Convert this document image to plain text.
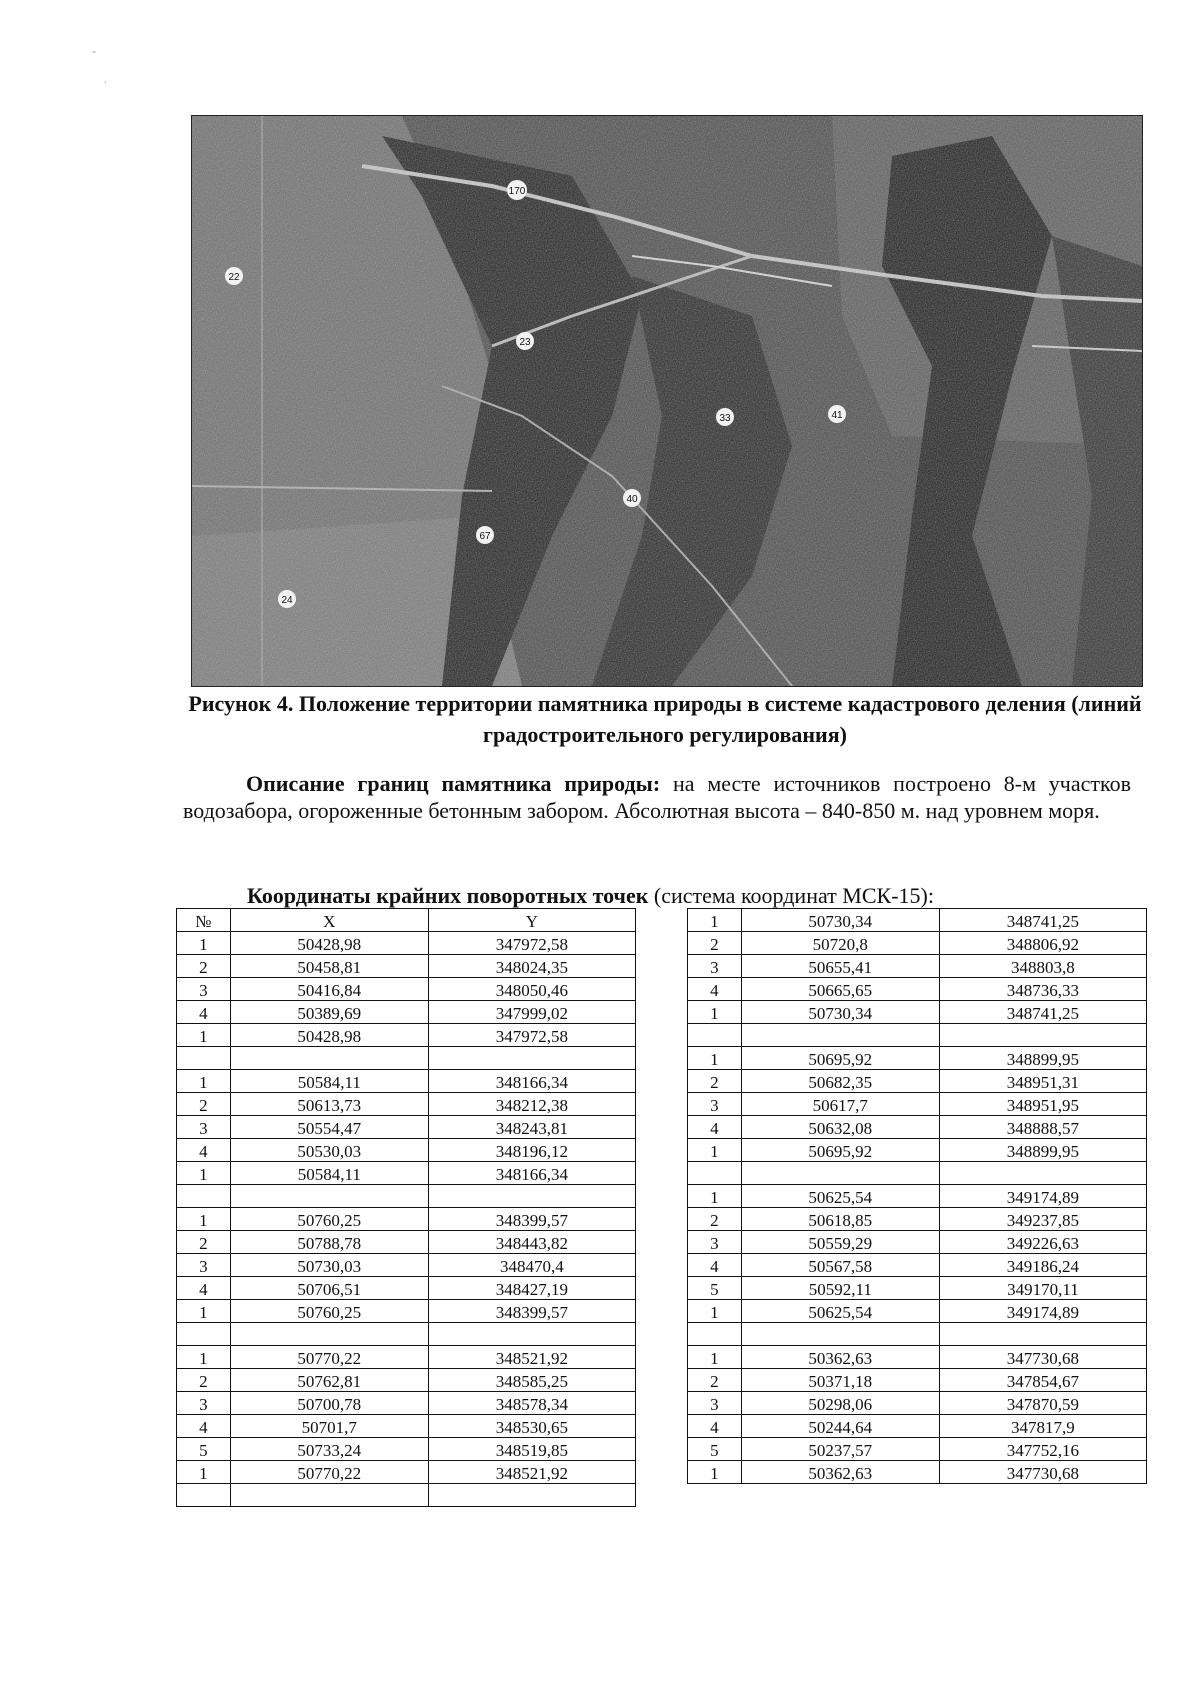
-
.
170
22
23
33	41
40
67
24
Рисунок 4. Положение территории памятника природы в системе кадастрового деления (линий градостроительного регулирования)
Описание границ памятника природы: на месте источников построено 8-м участков водозабора, огороженные бетонным забором. Абсолютная высота – 840-850 м. над уровнем моря.
Координаты крайних поворотных точек (система координат МСК-15):
№	X	Y
1	50428,98	347972,58
2	50458,81	348024,35
3	50416,84	348050,46
4	50389,69	347999,02
1	50428,98	347972,58

1	50584,11	348166,34
2	50613,73	348212,38
3	50554,47	348243,81
4	50530,03	348196,12
1	50584,11	348166,34

1	50760,25	348399,57
2	50788,78	348443,82
3	50730,03	348470,4
4	50706,51	348427,19
1	50760,25	348399,57

1	50770,22	348521,92
2	50762,81	348585,25
3	50700,78	348578,34
4	50701,7	348530,65
5	50733,24	348519,85
1	50770,22	348521,92

1	50730,34	348741,25
2	50720,8	348806,92
3	50655,41	348803,8
4	50665,65	348736,33
1	50730,34	348741,25

1	50695,92	348899,95
2	50682,35	348951,31
3	50617,7	348951,95
4	50632,08	348888,57
1	50695,92	348899,95

1	50625,54	349174,89
2	50618,85	349237,85
3	50559,29	349226,63
4	50567,58	349186,24
5	50592,11	349170,11
1	50625,54	349174,89

1	50362,63	347730,68
2	50371,18	347854,67
3	50298,06	347870,59
4	50244,64	347817,9
5	50237,57	347752,16
1	50362,63	347730,68
